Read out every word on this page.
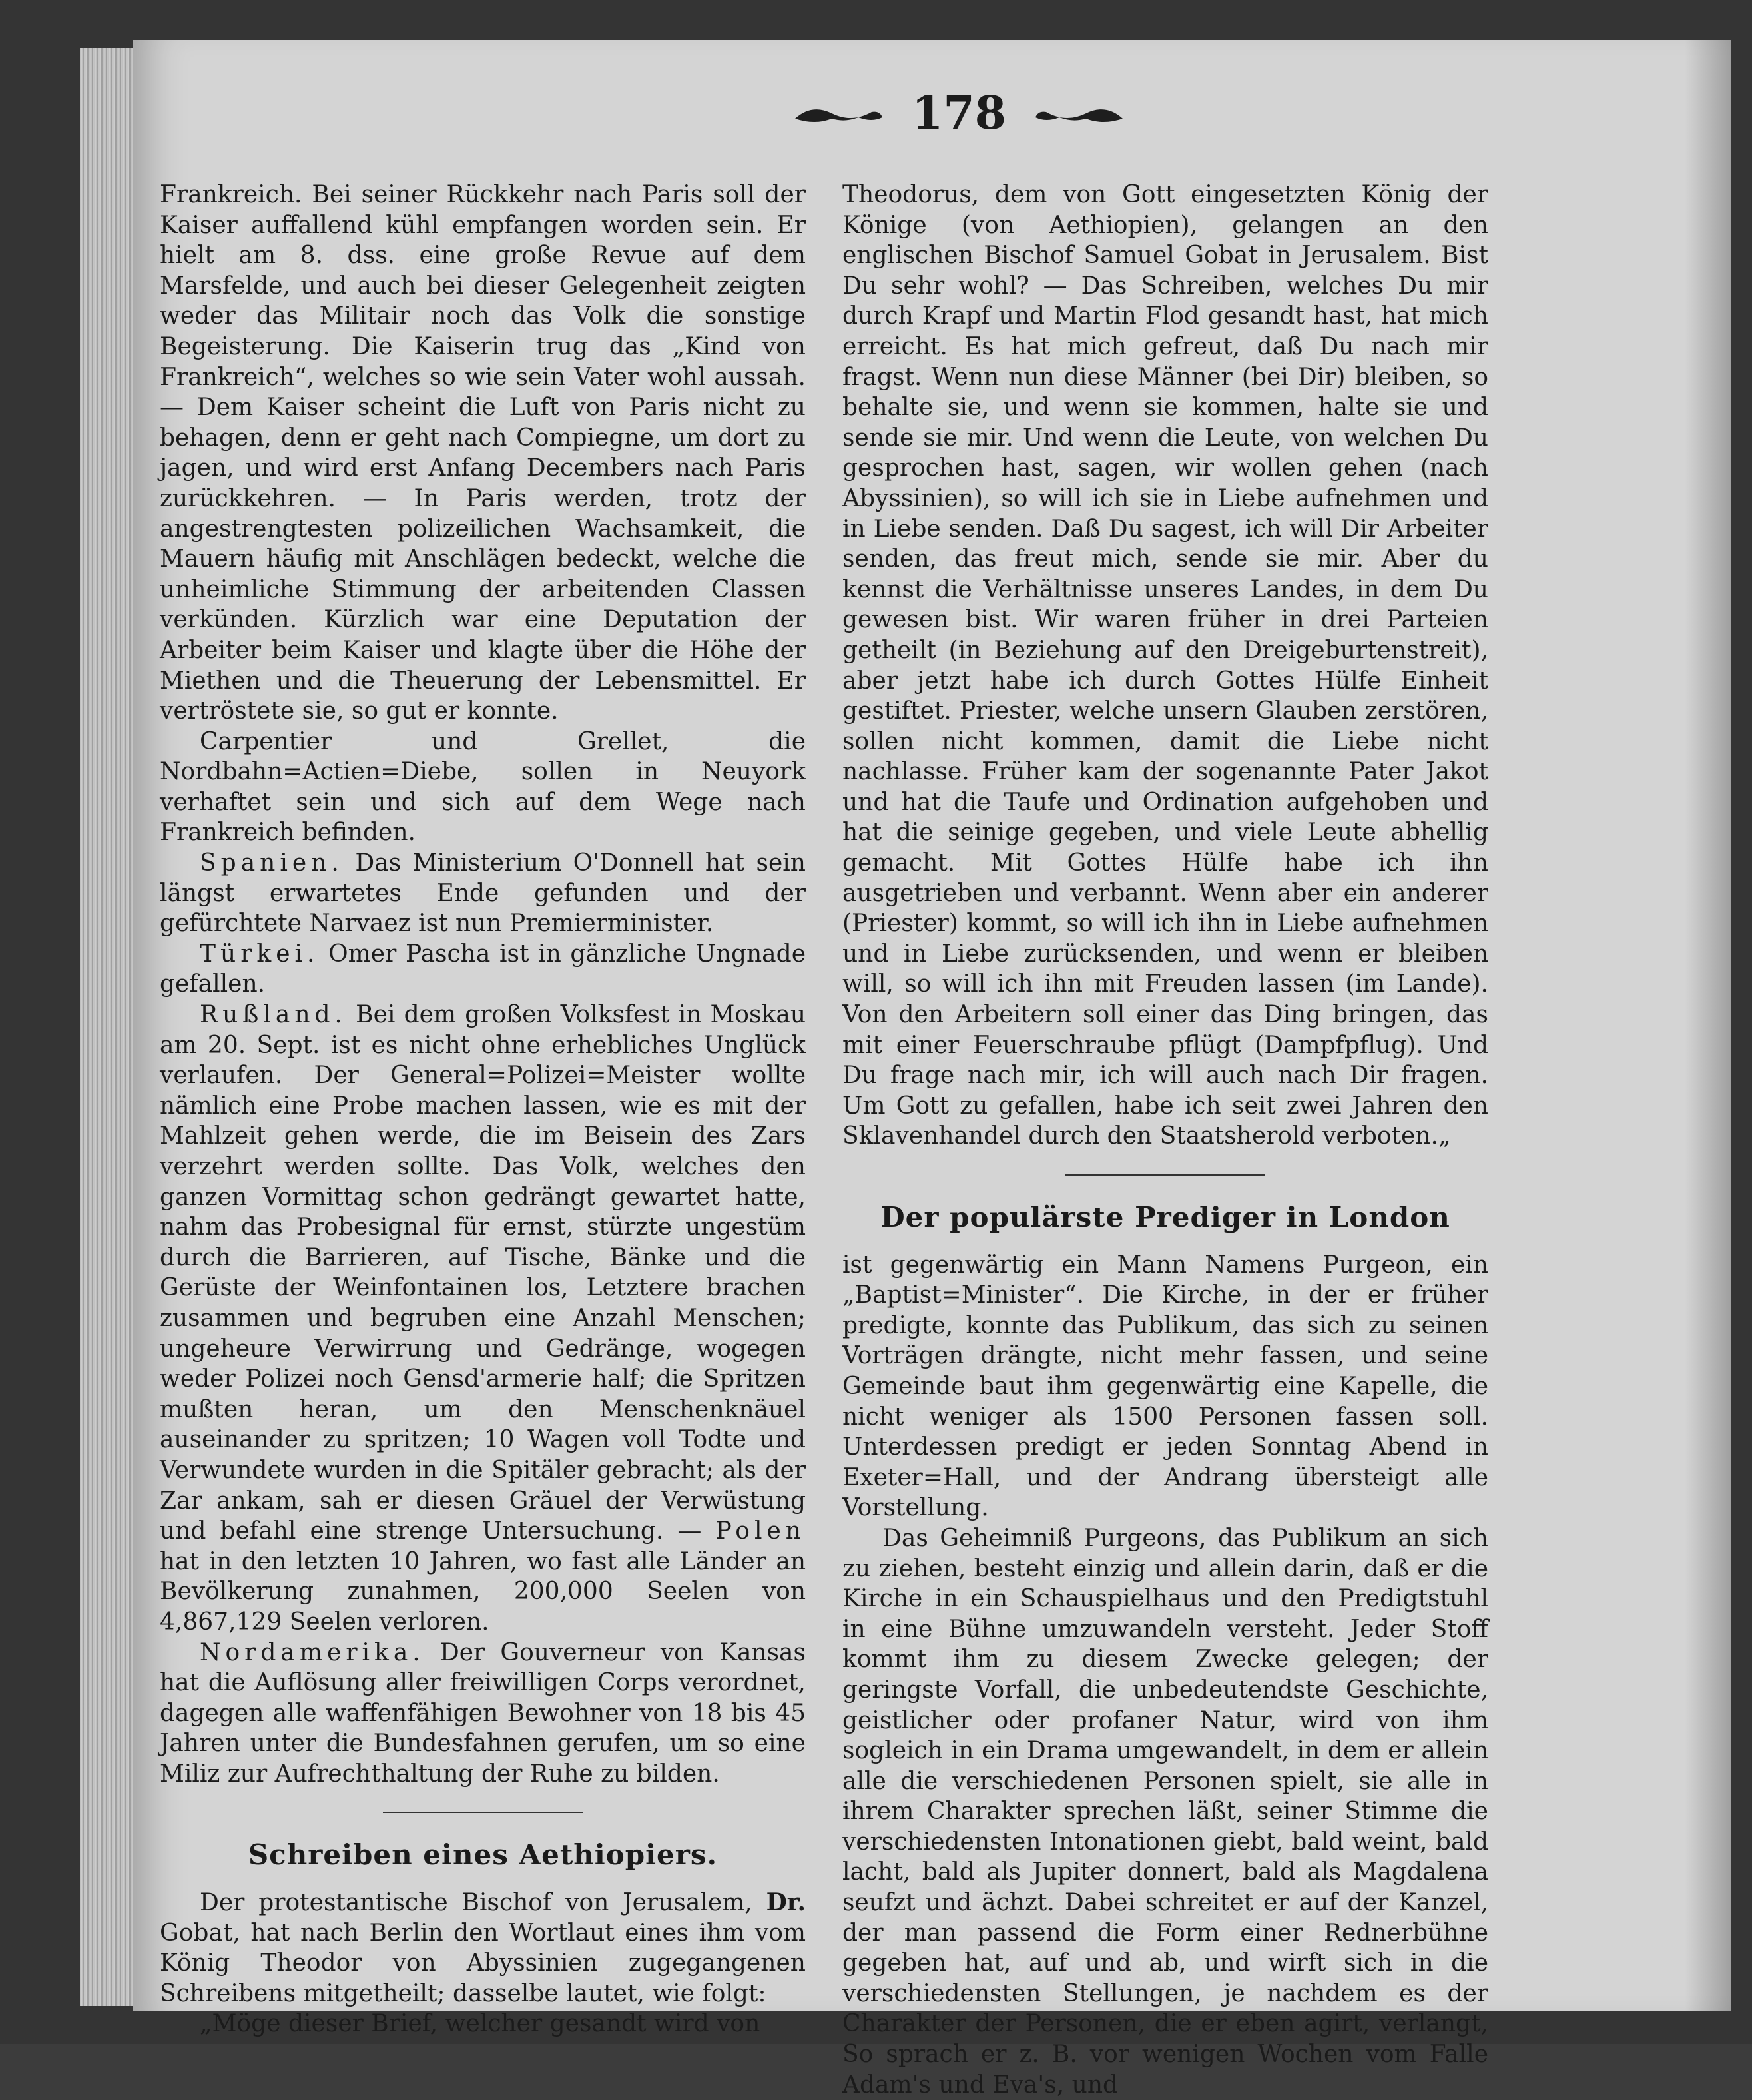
178

Frankreich. Bei seiner Rückkehr nach Paris soll der Kaiser auffallend kühl empfangen worden sein. Er hielt am 8. dss. eine große Revue auf dem Marsfelde, und auch bei dieser Gelegenheit zeigten weder das Militair noch das Volk die sonstige Begeisterung. Die Kaiserin trug das „Kind von Frankreich“, welches so wie sein Vater wohl aussah. — Dem Kaiser scheint die Luft von Paris nicht zu behagen, denn er geht nach Compiegne, um dort zu jagen, und wird erst Anfang Decembers nach Paris zurückkehren. — In Paris werden, trotz der angestrengtesten polizeilichen Wachsamkeit, die Mauern häufig mit Anschlägen bedeckt, welche die unheimliche Stimmung der arbeitenden Classen verkünden. Kürzlich war eine Deputation der Arbeiter beim Kaiser und klagte über die Höhe der Miethen und die Theuerung der Lebensmittel. Er vertröstete sie, so gut er konnte.

Carpentier und Grellet, die Nordbahn=Actien=Diebe, sollen in Neuyork verhaftet sein und sich auf dem Wege nach Frankreich befinden.

Spanien. Das Ministerium O'Donnell hat sein längst erwartetes Ende gefunden und der gefürchtete Narvaez ist nun Premierminister.

Türkei. Omer Pascha ist in gänzliche Ungnade gefallen.

Rußland. Bei dem großen Volksfest in Moskau am 20. Sept. ist es nicht ohne erhebliches Unglück verlaufen. Der General=Polizei=Meister wollte nämlich eine Probe machen lassen, wie es mit der Mahlzeit gehen werde, die im Beisein des Zars verzehrt werden sollte. Das Volk, welches den ganzen Vormittag schon gedrängt gewartet hatte, nahm das Probesignal für ernst, stürzte ungestüm durch die Barrieren, auf Tische, Bänke und die Gerüste der Weinfontainen los, Letztere brachen zusammen und begruben eine Anzahl Menschen; ungeheure Verwirrung und Gedränge, wogegen weder Polizei noch Gensd'armerie half; die Spritzen mußten heran, um den Menschenknäuel auseinander zu spritzen; 10 Wagen voll Todte und Verwundete wurden in die Spitäler gebracht; als der Zar ankam, sah er diesen Gräuel der Verwüstung und befahl eine strenge Untersuchung. — Polen hat in den letzten 10 Jahren, wo fast alle Länder an Bevölkerung zunahmen, 200,000 Seelen von 4,867,129 Seelen verloren.

Nordamerika. Der Gouverneur von Kansas hat die Auflösung aller freiwilligen Corps verordnet, dagegen alle waffenfähigen Bewohner von 18 bis 45 Jahren unter die Bundesfahnen gerufen, um so eine Miliz zur Aufrechthaltung der Ruhe zu bilden.

Schreiben eines Aethiopiers.

Der protestantische Bischof von Jerusalem, Dr. Gobat, hat nach Berlin den Wortlaut eines ihm vom König Theodor von Abyssinien zugegangenen Schreibens mitgetheilt; dasselbe lautet, wie folgt:

„Möge dieser Brief, welcher gesandt wird von

Theodorus, dem von Gott eingesetzten König der Könige (von Aethiopien), gelangen an den englischen Bischof Samuel Gobat in Jerusalem. Bist Du sehr wohl? — Das Schreiben, welches Du mir durch Krapf und Martin Flod gesandt hast, hat mich erreicht. Es hat mich gefreut, daß Du nach mir fragst. Wenn nun diese Männer (bei Dir) bleiben, so behalte sie, und wenn sie kommen, halte sie und sende sie mir. Und wenn die Leute, von welchen Du gesprochen hast, sagen, wir wollen gehen (nach Abyssinien), so will ich sie in Liebe aufnehmen und in Liebe senden. Daß Du sagest, ich will Dir Arbeiter senden, das freut mich, sende sie mir. Aber du kennst die Verhältnisse unseres Landes, in dem Du gewesen bist. Wir waren früher in drei Parteien getheilt (in Beziehung auf den Dreigeburtenstreit), aber jetzt habe ich durch Gottes Hülfe Einheit gestiftet. Priester, welche unsern Glauben zerstören, sollen nicht kommen, damit die Liebe nicht nachlasse. Früher kam der sogenannte Pater Jakot und hat die Taufe und Ordination aufgehoben und hat die seinige gegeben, und viele Leute abhellig gemacht. Mit Gottes Hülfe habe ich ihn ausgetrieben und verbannt. Wenn aber ein anderer (Priester) kommt, so will ich ihn in Liebe aufnehmen und in Liebe zurücksenden, und wenn er bleiben will, so will ich ihn mit Freuden lassen (im Lande). Von den Arbeitern soll einer das Ding bringen, das mit einer Feuerschraube pflügt (Dampfpflug). Und Du frage nach mir, ich will auch nach Dir fragen. Um Gott zu gefallen, habe ich seit zwei Jahren den Sklavenhandel durch den Staatsherold verboten.„

Der populärste Prediger in London

ist gegenwärtig ein Mann Namens Purgeon, ein „Baptist=Minister“. Die Kirche, in der er früher predigte, konnte das Publikum, das sich zu seinen Vorträgen drängte, nicht mehr fassen, und seine Gemeinde baut ihm gegenwärtig eine Kapelle, die nicht weniger als 1500 Personen fassen soll. Unterdessen predigt er jeden Sonntag Abend in Exeter=Hall, und der Andrang übersteigt alle Vorstellung.

Das Geheimniß Purgeons, das Publikum an sich zu ziehen, besteht einzig und allein darin, daß er die Kirche in ein Schauspielhaus und den Predigtstuhl in eine Bühne umzuwandeln versteht. Jeder Stoff kommt ihm zu diesem Zwecke gelegen; der geringste Vorfall, die unbedeutendste Geschichte, geistlicher oder profaner Natur, wird von ihm sogleich in ein Drama umgewandelt, in dem er allein alle die verschiedenen Personen spielt, sie alle in ihrem Charakter sprechen läßt, seiner Stimme die verschiedensten Intonationen giebt, bald weint, bald lacht, bald als Jupiter donnert, bald als Magdalena seufzt und ächzt. Dabei schreitet er auf der Kanzel, der man passend die Form einer Rednerbühne gegeben hat, auf und ab, und wirft sich in die verschiedensten Stellungen, je nachdem es der Charakter der Personen, die er eben agirt, verlangt, So sprach er z. B. vor wenigen Wochen vom Falle Adam's und Eva's, und
